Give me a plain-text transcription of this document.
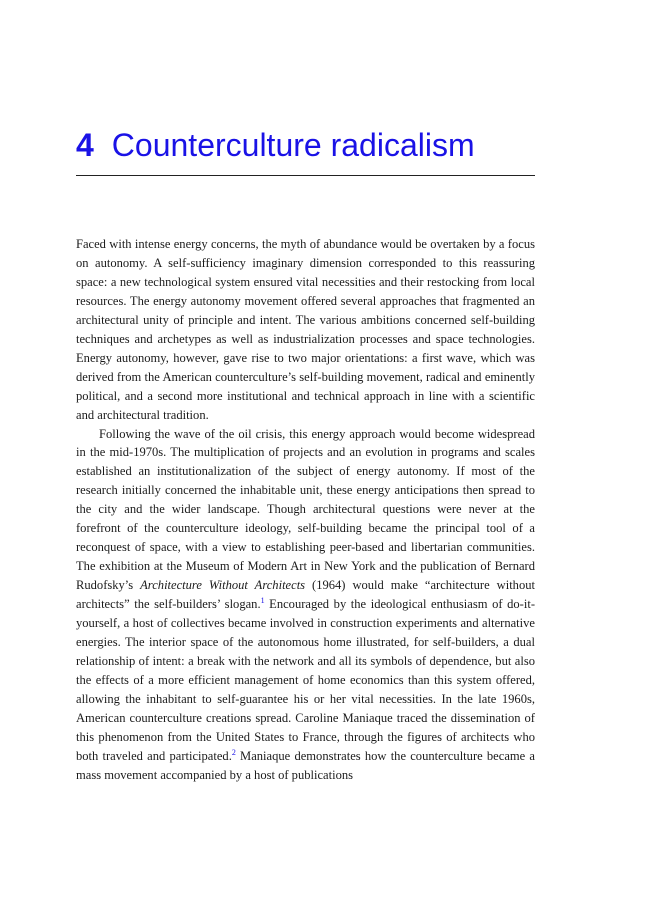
4 Counterculture radicalism

Faced with intense energy concerns, the myth of abundance would be overtaken by a focus on autonomy. A self-sufficiency imaginary dimension corresponded to this reassuring space: a new technological system ensured vital necessities and their restocking from local resources. The energy autonomy movement offered several approaches that fragmented an architectural unity of principle and intent. The various ambitions concerned self-building techniques and archetypes as well as industrialization processes and space technologies. Energy autonomy, however, gave rise to two major orientations: a first wave, which was derived from the American counterculture’s self-building movement, radical and eminently political, and a second more institutional and technical approach in line with a scientific and architectural tradition.

Following the wave of the oil crisis, this energy approach would become widespread in the mid-1970s. The multiplication of projects and an evolution in programs and scales established an institutionalization of the subject of energy autonomy. If most of the research initially concerned the inhabitable unit, these energy anticipations then spread to the city and the wider landscape. Though architectural questions were never at the forefront of the counterculture ideology, self-building became the principal tool of a reconquest of space, with a view to establishing peer-based and libertarian communities. The exhibition at the Museum of Modern Art in New York and the publication of Bernard Rudofsky’s Architecture Without Architects (1964) would make “architecture without architects” the self-builders’ slogan.$^1$ Encouraged by the ideological enthusiasm of do-it-yourself, a host of collectives became involved in construction experiments and alternative energies. The interior space of the autonomous home illustrated, for self-builders, a dual relationship of intent: a break with the network and all its symbols of dependence, but also the effects of a more efficient management of home economics than this system offered, allowing the inhabitant to self-guarantee his or her vital necessities. In the late 1960s, American counterculture creations spread. Caroline Maniaque traced the dissemination of this phenomenon from the United States to France, through the figures of architects who both traveled and participated.$^2$ Maniaque demonstrates how the counterculture became a mass movement accompanied by a host of publications
